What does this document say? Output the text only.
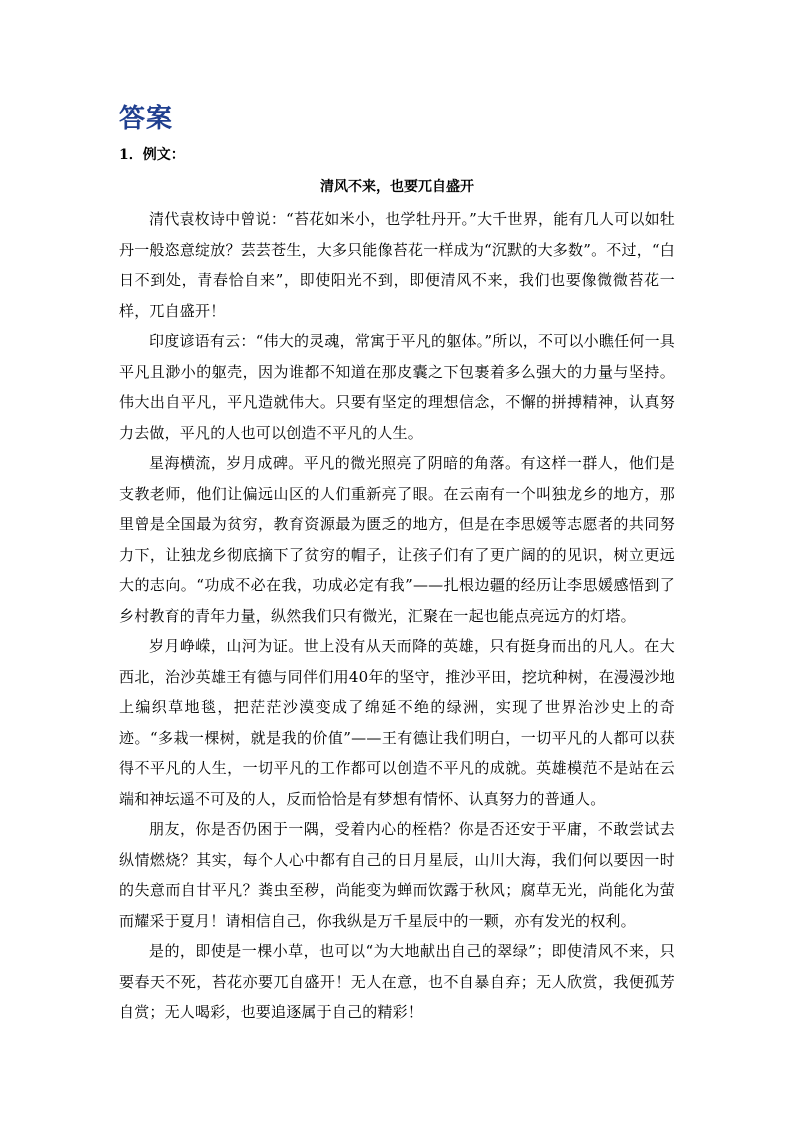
答案
1．例文：
清风不来，也要兀自盛开

清代袁枚诗中曾说：“苔花如米小，也学牡丹开。”大千世界，能有几人可以如牡丹一般恣意绽放？芸芸苍生，大多只能像苔花一样成为“沉默的大多数”。不过，“白日不到处，青春恰自来”，即使阳光不到，即便清风不来，我们也要像微微苔花一样，兀自盛开！

印度谚语有云：“伟大的灵魂，常寓于平凡的躯体。”所以，不可以小瞧任何一具平凡且渺小的躯壳，因为谁都不知道在那皮囊之下包裹着多么强大的力量与坚持。伟大出自平凡，平凡造就伟大。只要有坚定的理想信念，不懈的拼搏精神，认真努力去做，平凡的人也可以创造不平凡的人生。

星海横流，岁月成碑。平凡的微光照亮了阴暗的角落。有这样一群人，他们是支教老师，他们让偏远山区的人们重新亮了眼。在云南有一个叫独龙乡的地方，那里曾是全国最为贫穷，教育资源最为匮乏的地方，但是在李思媛等志愿者的共同努力下，让独龙乡彻底摘下了贫穷的帽子，让孩子们有了更广阔的的见识，树立更远大的志向。“功成不必在我，功成必定有我”——扎根边疆的经历让李思媛感悟到了乡村教育的青年力量，纵然我们只有微光，汇聚在一起也能点亮远方的灯塔。

岁月峥嵘，山河为证。世上没有从天而降的英雄，只有挺身而出的凡人。在大西北，治沙英雄王有德与同伴们用40年的坚守，推沙平田，挖坑种树，在漫漫沙地上编织草地毯，把茫茫沙漠变成了绵延不绝的绿洲，实现了世界治沙史上的奇迹。“多栽一棵树，就是我的价值”——王有德让我们明白，一切平凡的人都可以获得不平凡的人生，一切平凡的工作都可以创造不平凡的成就。英雄模范不是站在云端和神坛遥不可及的人，反而恰恰是有梦想有情怀、认真努力的普通人。

朋友，你是否仍困于一隅，受着内心的桎梏？你是否还安于平庸，不敢尝试去纵情燃烧？其实，每个人心中都有自己的日月星辰，山川大海，我们何以要因一时的失意而自甘平凡？粪虫至秽，尚能变为蝉而饮露于秋风；腐草无光，尚能化为萤而耀采于夏月！请相信自己，你我纵是万千星辰中的一颗，亦有发光的权利。

是的，即使是一棵小草，也可以“为大地献出自己的翠绿”；即使清风不来，只要春天不死，苔花亦要兀自盛开！无人在意，也不自暴自弃；无人欣赏，我便孤芳自赏；无人喝彩，也要追逐属于自己的精彩！
